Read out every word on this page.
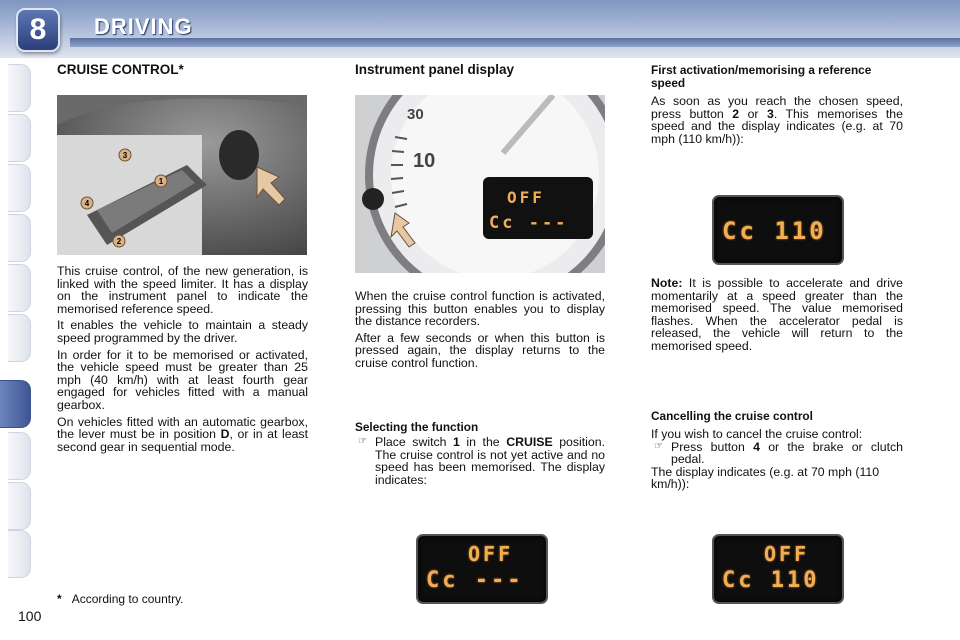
8	DRIVING
CRUISE CONTROL*
3
1
4
2

This cruise control, of the new generation, is linked with the speed limiter. It has a display on the instrument panel to indicate the memorised reference speed.

It enables the vehicle to maintain a steady speed programmed by the driver.

In order for it to be memorised or activated, the vehicle speed must be greater than 25 mph (40 km/h) with at least fourth gear engaged for vehicles fitted with a manual gearbox.

On vehicles fitted with an automatic gearbox, the lever must be in position D, or in at least second gear in sequential mode.

* According to country.
100
Instrument panel display
30
10
OFF
Cc ---

When the cruise control function is activated, pressing this button enables you to display the distance recorders.

After a few seconds or when this button is pressed again, the display returns to the cruise control function.

Selecting the function
☞ Place switch 1 in the CRUISE position. The cruise control is not yet active and no speed has been memorised. The display indicates:
OFF
Cc ---
First activation/memorising a reference speed

As soon as you reach the chosen speed, press button 2 or 3. This memorises the speed and the display indicates (e.g. at 70 mph (110 km/h)):

Cc 110

Note: It is possible to accelerate and drive momentarily at a speed greater than the memorised speed. The value memorised flashes. When the accelerator pedal is released, the vehicle will return to the memorised speed.

Cancelling the cruise control

If you wish to cancel the cruise control:

☞ Press button 4 or the brake or clutch pedal.

The display indicates (e.g. at 70 mph (110 km/h)):

OFF
Cc 110
